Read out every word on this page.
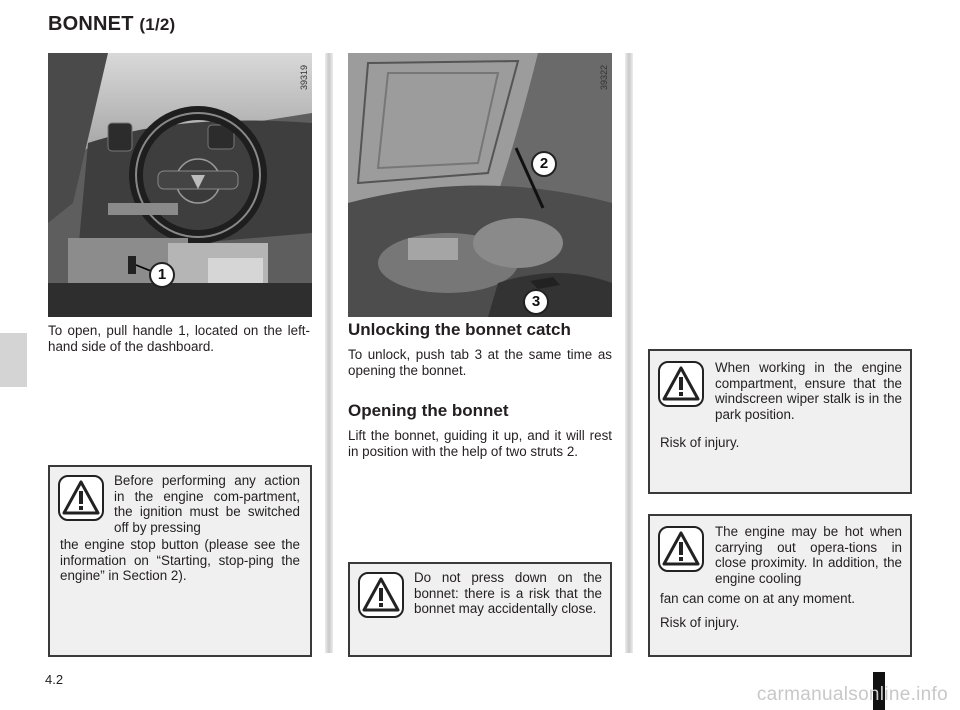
BONNET (1/2)
39319
1
39322
2
3
To open, pull handle 1, located on the left-hand side of the dashboard.
Before performing any action in the engine com-partment, the ignition must be switched off by pressing
the engine stop button (please see the information on “Starting, stop-ping the engine” in Section 2).
Unlocking the bonnet catch
To unlock, push tab 3 at the same time as opening the bonnet.
Opening the bonnet
Lift the bonnet, guiding it up, and it will rest in position with the help of two struts 2.
Do not press down on the bonnet: there is a risk that the bonnet may accidentally close.
When working in the engine compartment, ensure that the windscreen wiper stalk is in the park position.
Risk of injury.
The engine may be hot when carrying out opera-tions in close proximity. In addition, the engine cooling
fan can come on at any moment.
Risk of injury.
4.2
carmanualsonline.info
